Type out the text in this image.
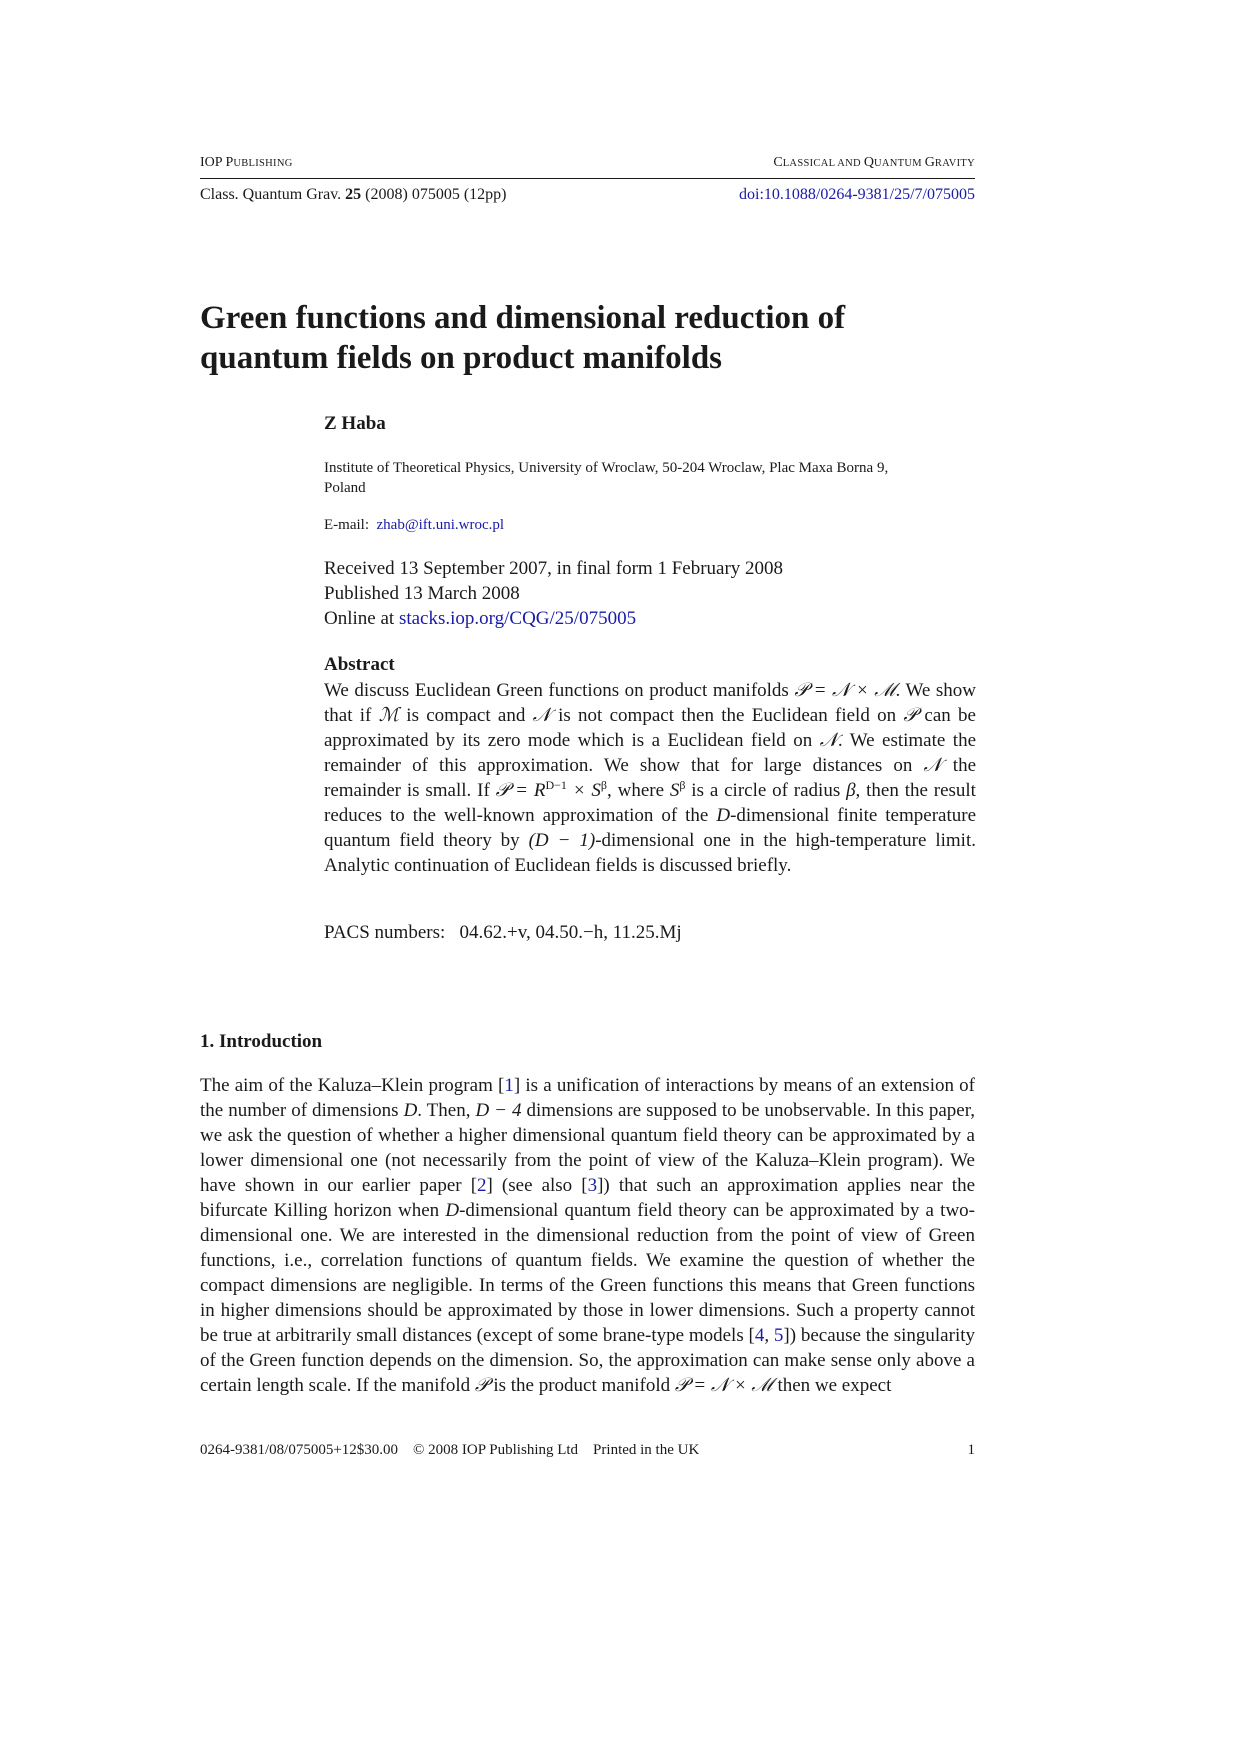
IOP PUBLISHING	CLASSICAL AND QUANTUM GRAVITY
Class. Quantum Grav. 25 (2008) 075005 (12pp)	doi:10.1088/0264-9381/25/7/075005
Green functions and dimensional reduction of
quantum fields on product manifolds
Z Haba
Institute of Theoretical Physics, University of Wroclaw, 50-204 Wroclaw, Plac Maxa Borna 9,
Poland
E-mail: zhab@ift.uni.wroc.pl
Received 13 September 2007, in final form 1 February 2008
Published 13 March 2008
Online at stacks.iop.org/CQG/25/075005
Abstract

We discuss Euclidean Green functions on product manifolds 𝒫 = 𝒩 × ℳ. We show that if ℳ is compact and 𝒩 is not compact then the Euclidean field on 𝒫 can be approximated by its zero mode which is a Euclidean field on 𝒩. We estimate the remainder of this approximation. We show that for large distances on 𝒩 the remainder is small. If 𝒫 = $R^{D-1} \times S^\beta$, where $S^\beta$ is a circle of radius β, then the result reduces to the well-known approximation of the D-dimensional finite temperature quantum field theory by (D − 1)-dimensional one in the high-temperature limit. Analytic continuation of Euclidean fields is discussed briefly.

PACS numbers: 04.62.+v, 04.50.−h, 11.25.Mj
1. Introduction

The aim of the Kaluza–Klein program [1] is a unification of interactions by means of an extension of the number of dimensions D. Then, D − 4 dimensions are supposed to be unobservable. In this paper, we ask the question of whether a higher dimensional quantum field theory can be approximated by a lower dimensional one (not necessarily from the point of view of the Kaluza–Klein program). We have shown in our earlier paper [2] (see also [3]) that such an approximation applies near the bifurcate Killing horizon when D-dimensional quantum field theory can be approximated by a two-dimensional one. We are interested in the dimensional reduction from the point of view of Green functions, i.e., correlation functions of quantum fields. We examine the question of whether the compact dimensions are negligible. In terms of the Green functions this means that Green functions in higher dimensions should be approximated by those in lower dimensions. Such a property cannot be true at arbitrarily small distances (except of some brane-type models [4, 5]) because the singularity of the Green function depends on the dimension. So, the approximation can make sense only above a certain length scale. If the manifold 𝒫 is the product manifold 𝒫 = 𝒩 × ℳ then we expect

0264-9381/08/075005+12$30.00    © 2008 IOP Publishing Ltd    Printed in the UK	1
